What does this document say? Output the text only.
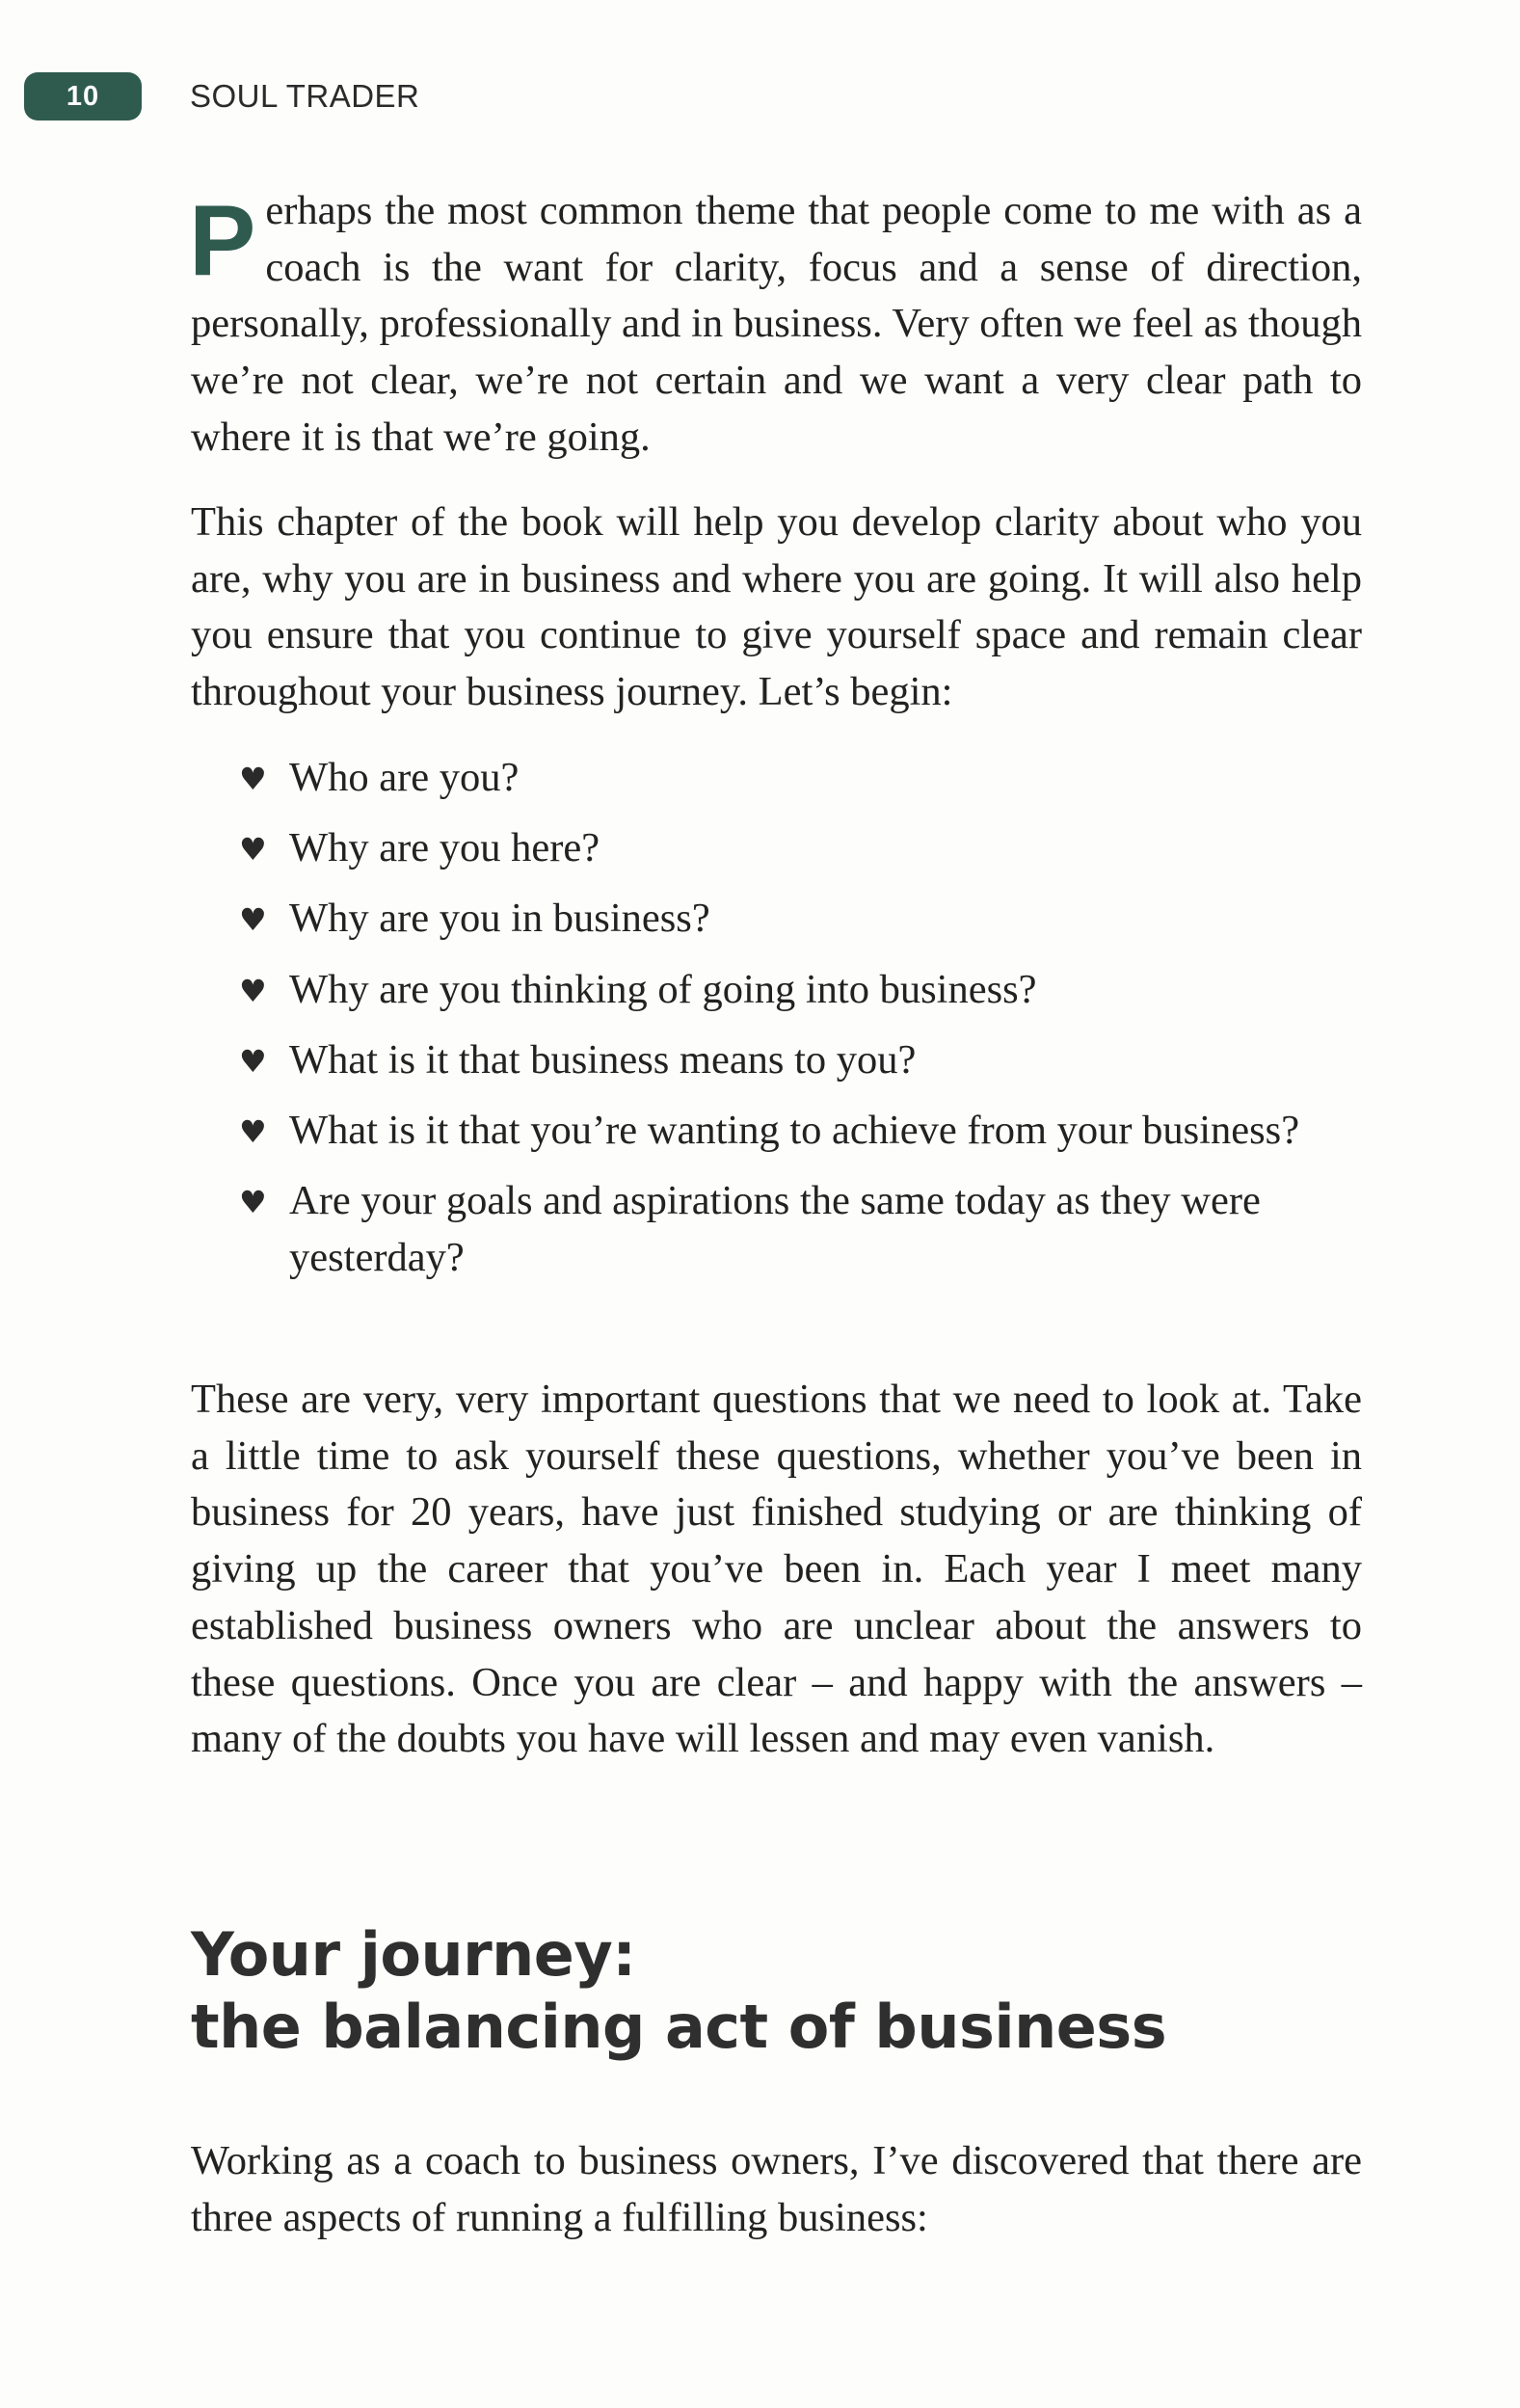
10	SOUL TRADER
P erhaps the most common theme that people come to me with as a coach is the want for clarity, focus and a sense of direction, personally, professionally and in business. Very often we feel as though we’re not clear, we’re not certain and we want a very clear path to where it is that we’re going.

This chapter of the book will help you develop clarity about who you are, why you are in business and where you are going. It will also help you ensure that you continue to give yourself space and remain clear throughout your business journey. Let’s begin:

♥ Who are you?
♥ Why are you here?
♥ Why are you in business?
♥ Why are you thinking of going into business?
♥ What is it that business means to you?
♥ What is it that you’re wanting to achieve from your business?
♥ Are your goals and aspirations the same today as they were yesterday?

These are very, very important questions that we need to look at. Take a little time to ask yourself these questions, whether you’ve been in business for 20 years, have just finished studying or are thinking of giving up the career that you’ve been in. Each year I meet many established business owners who are unclear about the answers to these questions. Once you are clear – and happy with the answers – many of the doubts you have will lessen and may even vanish.

Your journey:
the balancing act of business

Working as a coach to business owners, I’ve discovered that there are three aspects of running a fulfilling business:
